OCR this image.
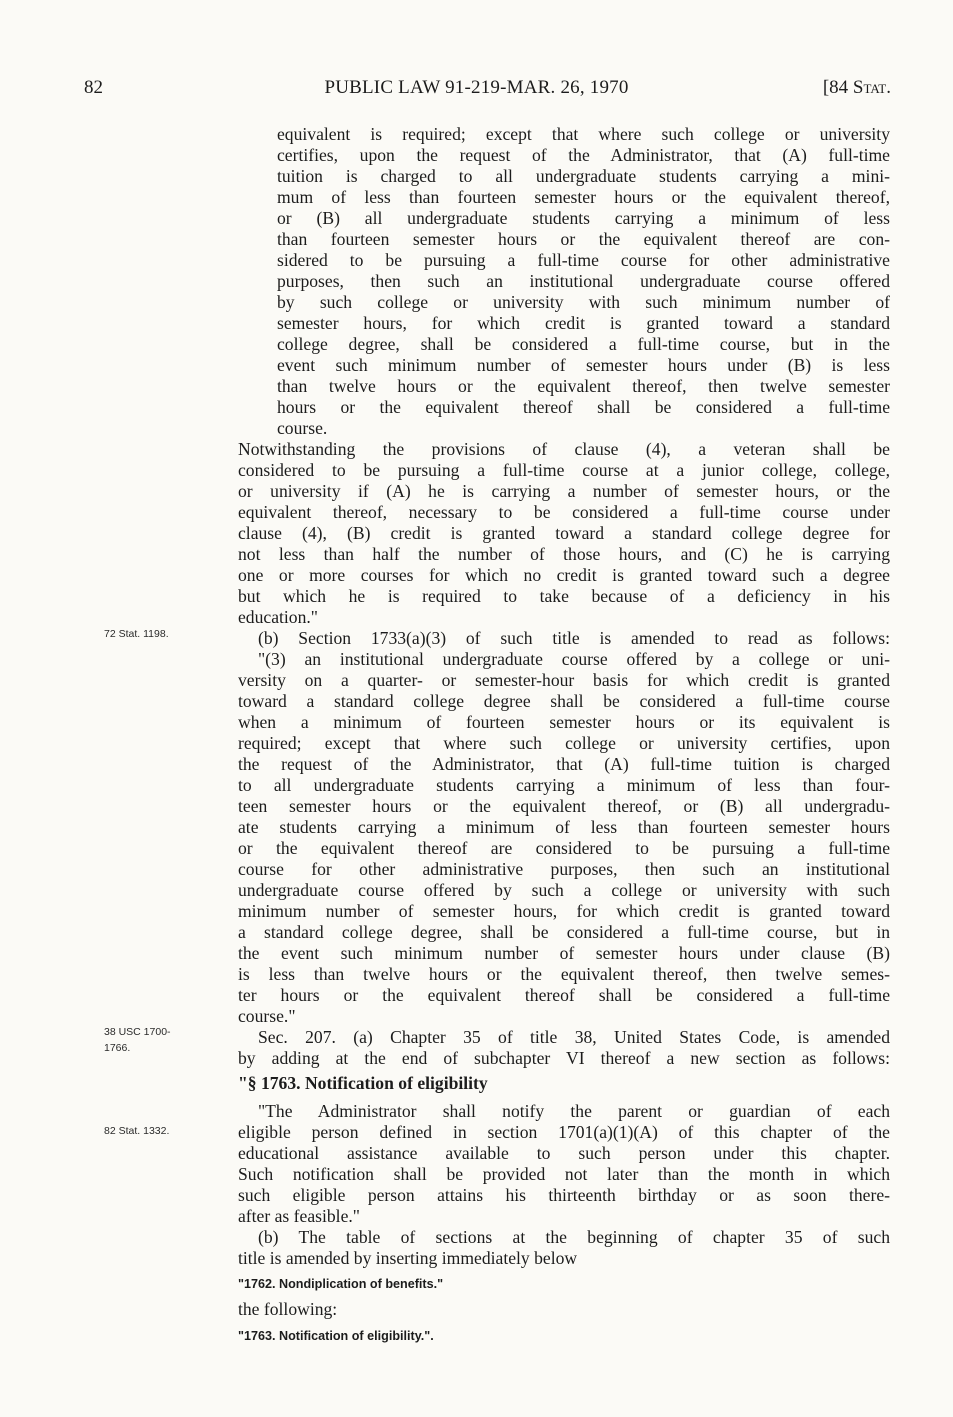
82	PUBLIC LAW 91-219-MAR. 26, 1970	[84 Stat.
72 Stat. 1198.
38 USC 1700-
1766.
82 Stat. 1332.
equivalent is required; except that where such college or university
certifies, upon the request of the Administrator, that (A) full-time
tuition is charged to all undergraduate students carrying a mini-
mum of less than fourteen semester hours or the equivalent thereof,
or (B) all undergraduate students carrying a minimum of less
than fourteen semester hours or the equivalent thereof are con-
sidered to be pursuing a full-time course for other administrative
purposes, then such an institutional undergraduate course offered
by such college or university with such minimum number of
semester hours, for which credit is granted toward a standard
college degree, shall be considered a full-time course, but in the
event such minimum number of semester hours under (B) is less
than twelve hours or the equivalent thereof, then twelve semester
hours or the equivalent thereof shall be considered a full-time
course.
Notwithstanding the provisions of clause (4), a veteran shall be
considered to be pursuing a full-time course at a junior college, college,
or university if (A) he is carrying a number of semester hours, or the
equivalent thereof, necessary to be considered a full-time course under
clause (4), (B) credit is granted toward a standard college degree for
not less than half the number of those hours, and (C) he is carrying
one or more courses for which no credit is granted toward such a degree
but which he is required to take because of a deficiency in his
education."
(b) Section 1733(a)(3) of such title is amended to read as follows:
"(3) an institutional undergraduate course offered by a college or uni-
versity on a quarter- or semester-hour basis for which credit is granted
toward a standard college degree shall be considered a full-time course
when a minimum of fourteen semester hours or its equivalent is
required; except that where such college or university certifies, upon
the request of the Administrator, that (A) full-time tuition is charged
to all undergraduate students carrying a minimum of less than four-
teen semester hours or the equivalent thereof, or (B) all undergradu-
ate students carrying a minimum of less than fourteen semester hours
or the equivalent thereof are considered to be pursuing a full-time
course for other administrative purposes, then such an institutional
undergraduate course offered by such a college or university with such
minimum number of semester hours, for which credit is granted toward
a standard college degree, shall be considered a full-time course, but in
the event such minimum number of semester hours under clause (B)
is less than twelve hours or the equivalent thereof, then twelve semes-
ter hours or the equivalent thereof shall be considered a full-time
course."
Sec. 207. (a) Chapter 35 of title 38, United States Code, is amended
by adding at the end of subchapter VI thereof a new section as follows:
"§ 1763. Notification of eligibility
"The Administrator shall notify the parent or guardian of each
eligible person defined in section 1701(a)(1)(A) of this chapter of the
educational assistance available to such person under this chapter.
Such notification shall be provided not later than the month in which
such eligible person attains his thirteenth birthday or as soon there-
after as feasible."
(b) The table of sections at the beginning of chapter 35 of such
title is amended by inserting immediately below
"1762. Nondiplication of benefits."
the following:
"1763. Notification of eligibility.".
